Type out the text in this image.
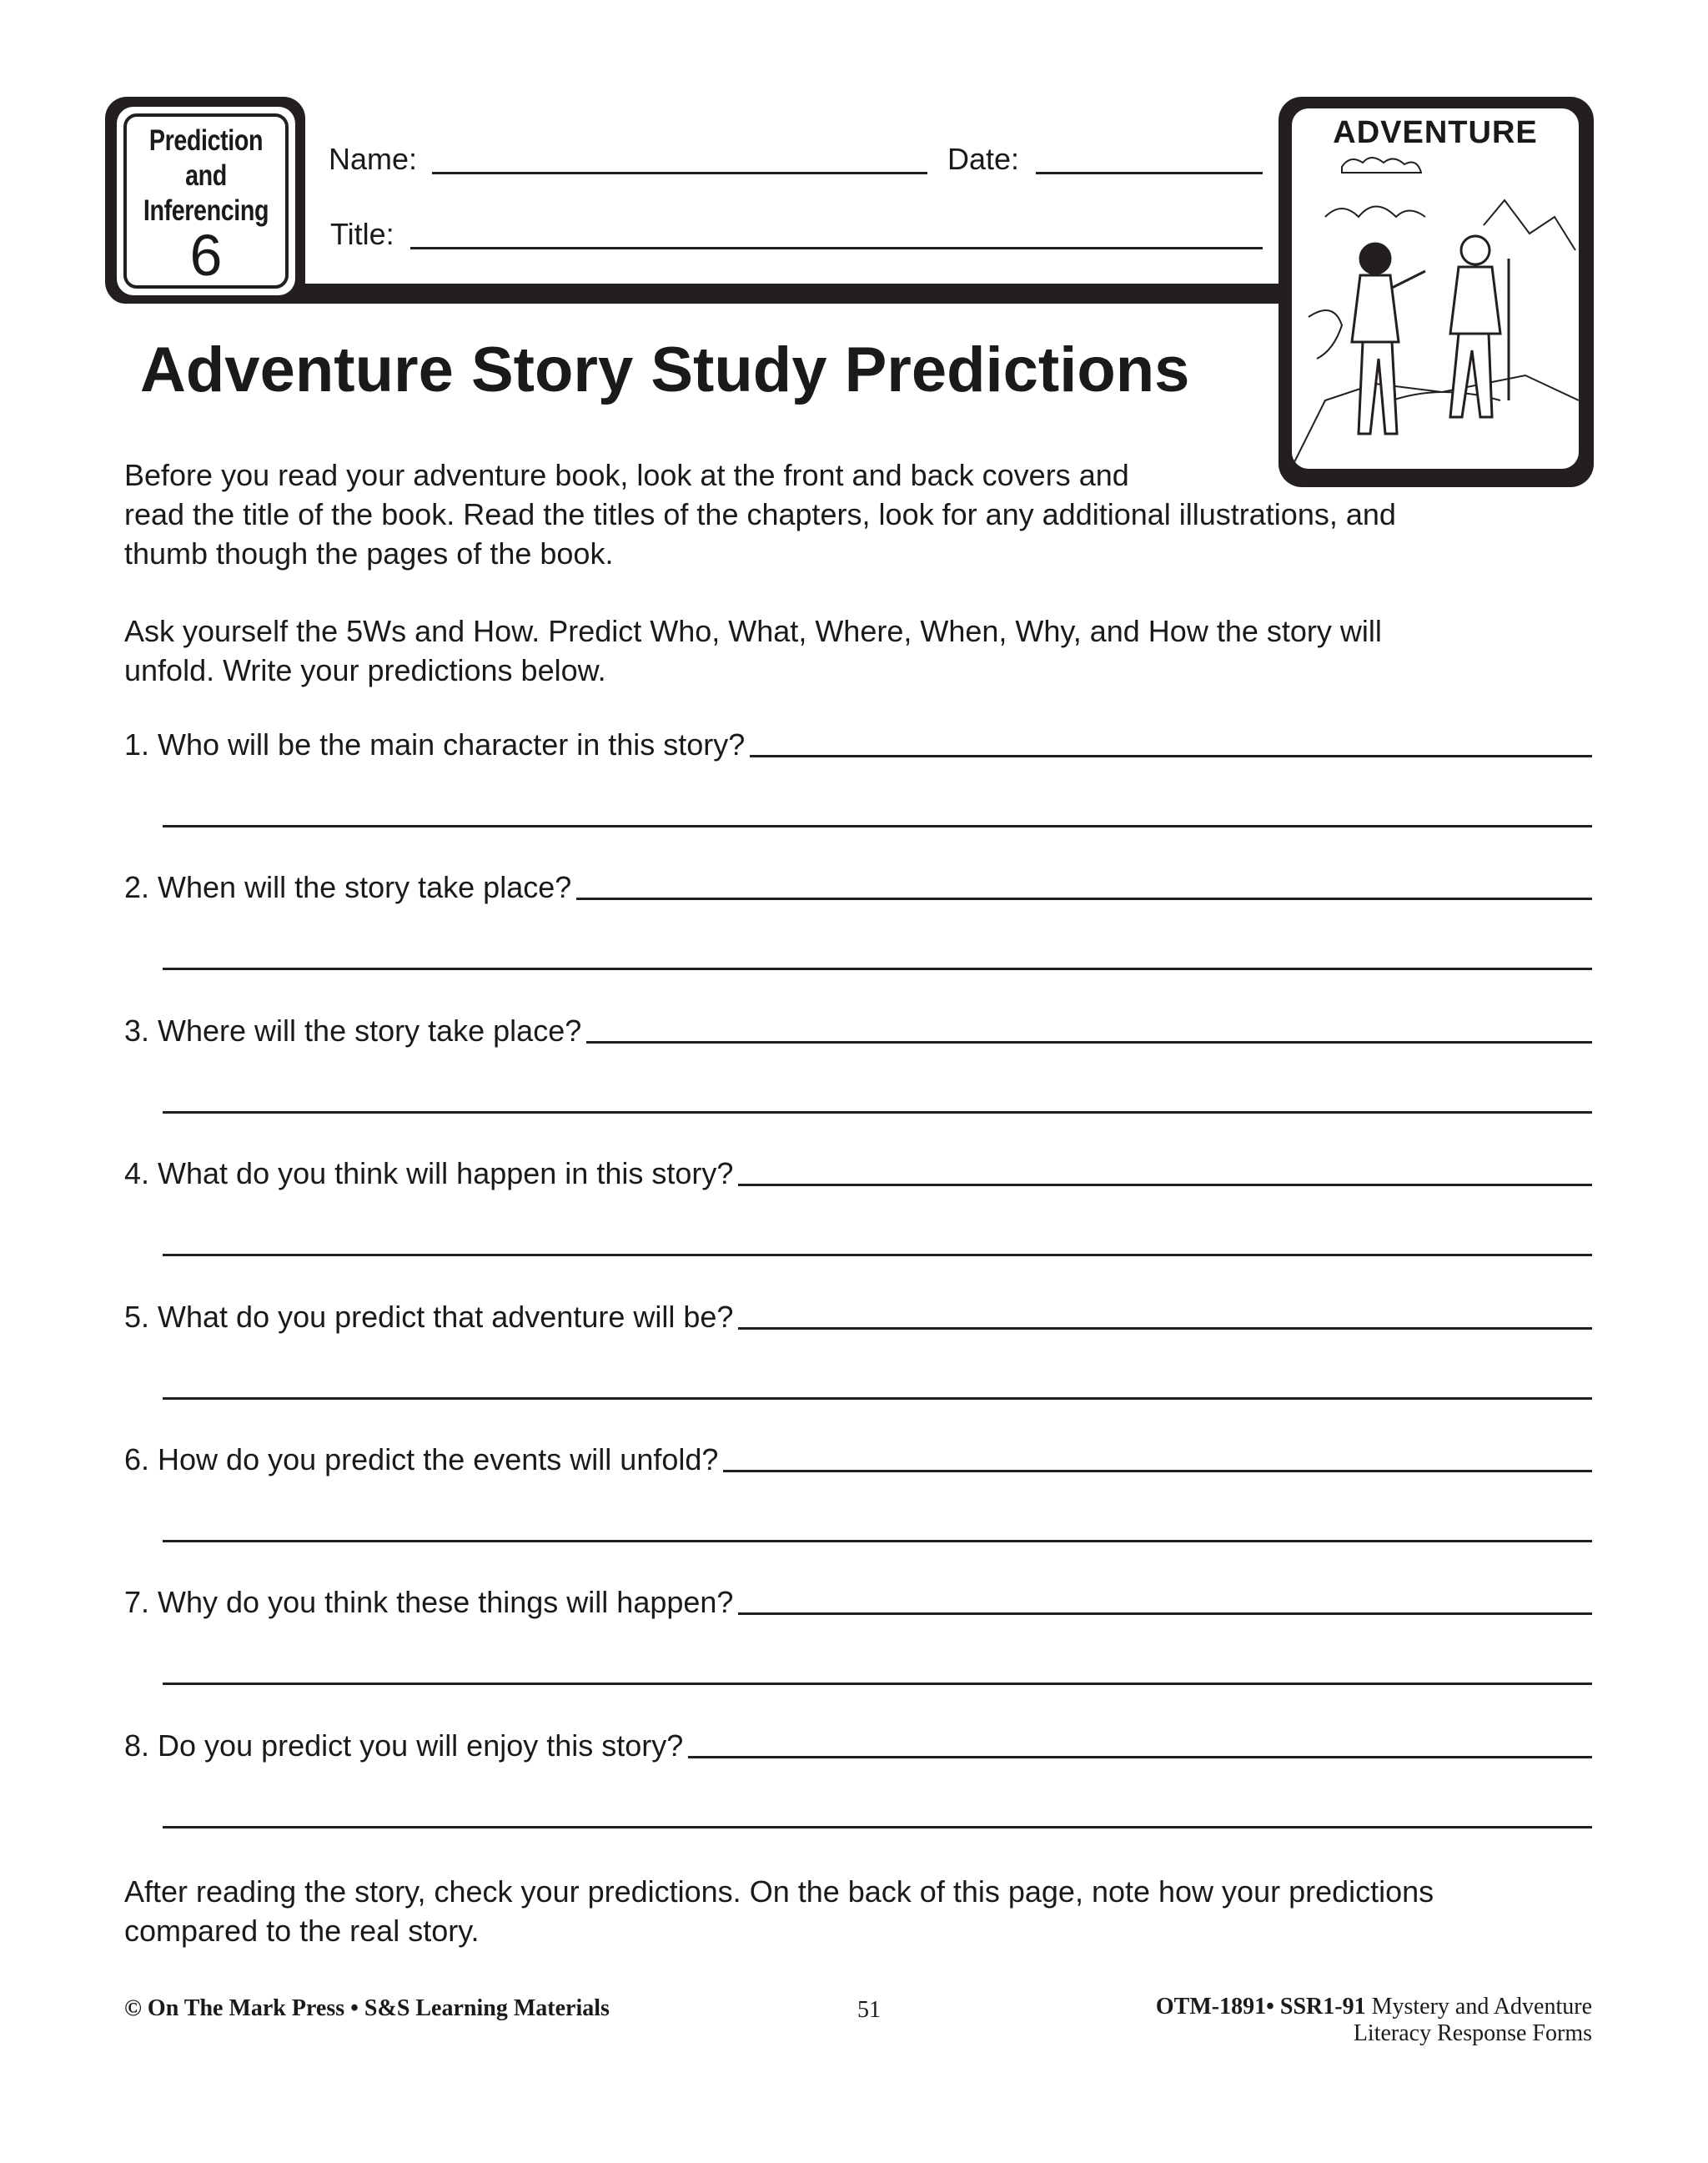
Prediction
and
Inferencing
6
Name:	Date:
Title:
ADVENTURE
Adventure Story Study Predictions
Before you read your adventure book, look at the front and back covers and
read the title of the book. Read the titles of the chapters, look for any additional illustrations, and
thumb though the pages of the book.
Ask yourself the 5Ws and How. Predict Who, What, Where, When, Why, and How the story will
unfold. Write your predictions below.
1. Who will be the main character in this story?
2. When will the story take place?
3. Where will the story take place?
4. What do you think will happen in this story?
5. What do you predict that adventure will be?
6. How do you predict the events will unfold?
7. Why do you think these things will happen?
8. Do you predict you will enjoy this story?
After reading the story, check your predictions. On the back of this page, note how your predictions
compared to the real story.
© On The Mark Press • S&S Learning Materials	51	OTM-1891• SSR1-91 Mystery and Adventure
Literacy Response Forms
